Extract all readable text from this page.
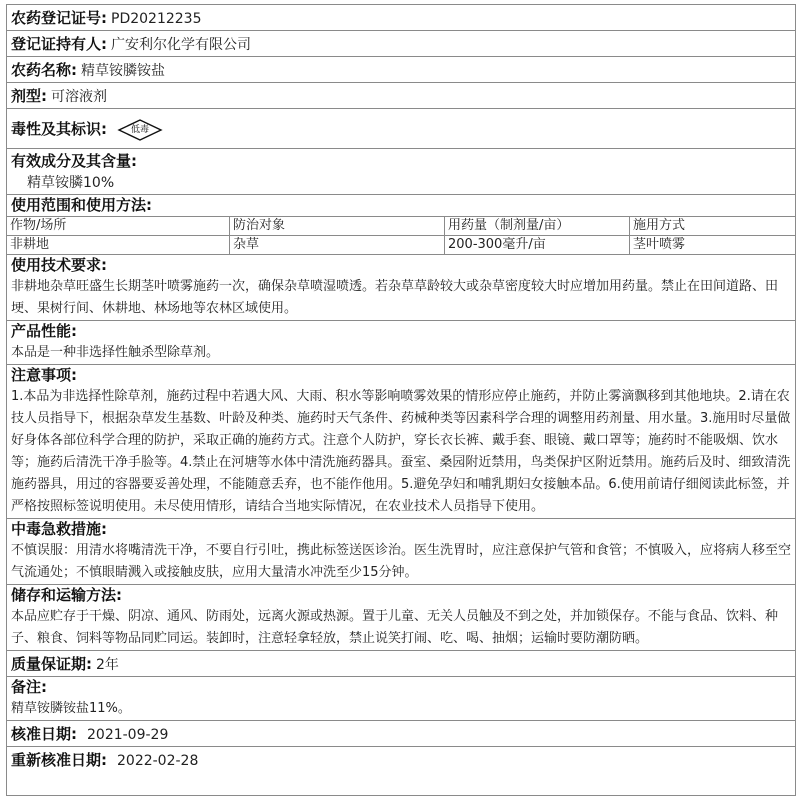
农药登记证号: PD20212235
登记证持有人: 广安利尔化学有限公司
农药名称: 精草铵膦铵盐
剂型: 可溶液剂
毒性及其标识:	低毒
有效成分及其含量:
精草铵膦10%
使用范围和使用方法:
作物/场所	防治对象	用药量（制剂量/亩）	施用方式
非耕地	杂草	200-300毫升/亩	茎叶喷雾
使用技术要求:
非耕地杂草旺盛生长期茎叶喷雾施药一次，确保杂草喷湿喷透。若杂草草龄较大或杂草密度较大时应增加用药量。禁止在田间道路、田埂、果树行间、休耕地、林场地等农林区域使用。
产品性能:
本品是一种非选择性触杀型除草剂。
注意事项:
1.本品为非选择性除草剂，施药过程中若遇大风、大雨、积水等影响喷雾效果的情形应停止施药，并防止雾滴飘移到其他地块。2.请在农技人员指导下，根据杂草发生基数、叶龄及种类、施药时天气条件、药械种类等因素科学合理的调整用药剂量、用水量。3.施用时尽量做好身体各部位科学合理的防护，采取正确的施药方式。注意个人防护，穿长衣长裤、戴手套、眼镜、戴口罩等；施药时不能吸烟、饮水等；施药后清洗干净手脸等。4.禁止在河塘等水体中清洗施药器具。蚕室、桑园附近禁用，鸟类保护区附近禁用。施药后及时、细致清洗施药器具，用过的容器要妥善处理，不能随意丢弃，也不能作他用。5.避免孕妇和哺乳期妇女接触本品。6.使用前请仔细阅读此标签，并严格按照标签说明使用。未尽使用情形，请结合当地实际情况，在农业技术人员指导下使用。
中毒急救措施:
不慎误服：用清水将嘴清洗干净，不要自行引吐，携此标签送医诊治。医生洗胃时，应注意保护气管和食管；不慎吸入，应将病人移至空气流通处；不慎眼睛溅入或接触皮肤，应用大量清水冲洗至少15分钟。
储存和运输方法:
本品应贮存于干燥、阴凉、通风、防雨处，远离火源或热源。置于儿童、无关人员触及不到之处，并加锁保存。不能与食品、饮料、种子、粮食、饲料等物品同贮同运。装卸时，注意轻拿轻放，禁止说笑打闹、吃、喝、抽烟；运输时要防潮防晒。
质量保证期: 2年
备注:
精草铵膦铵盐11%。
核准日期: 2021-09-29
重新核准日期: 2022-02-28
